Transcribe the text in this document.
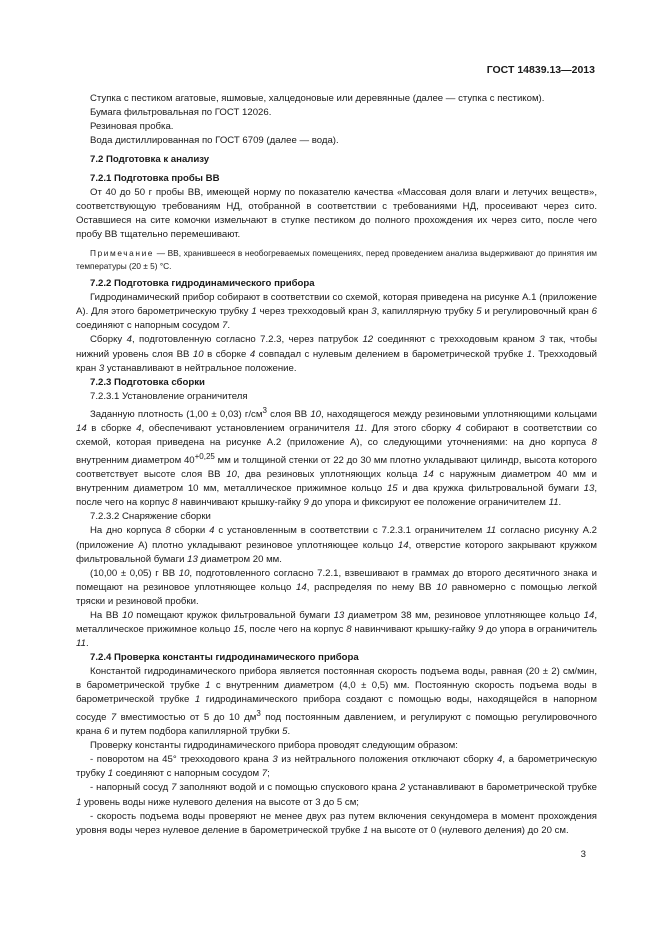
ГОСТ 14839.13—2013

Ступка с пестиком агатовые, яшмовые, халцедоновые или деревянные (далее — ступка с пестиком).

Бумага фильтровальная по ГОСТ 12026.

Резиновая пробка.

Вода дистиллированная по ГОСТ 6709 (далее — вода).

7.2 Подготовка к анализу

7.2.1 Подготовка пробы ВВ

От 40 до 50 г пробы ВВ, имеющей норму по показателю качества «Массовая доля влаги и летучих веществ», соответствующую требованиям НД, отобранной в соответствии с требованиями НД, просеивают через сито. Оставшиеся на сите комочки измельчают в ступке пестиком до полного прохождения их через сито, после чего пробу ВВ тщательно перемешивают.

Примечание — ВВ, хранившееся в необогреваемых помещениях, перед проведением анализа выдерживают до принятия им температуры (20 ± 5) °С.

7.2.2 Подготовка гидродинамического прибора

Гидродинамический прибор собирают в соответствии со схемой, которая приведена на рисунке А.1 (приложение А). Для этого барометрическую трубку 1 через трехходовый кран 3, капиллярную трубку 5 и регулировочный кран 6 соединяют с напорным сосудом 7.

Сборку 4, подготовленную согласно 7.2.3, через патрубок 12 соединяют с трехходовым краном 3 так, чтобы нижний уровень слоя ВВ 10 в сборке 4 совпадал с нулевым делением в барометрической трубке 1. Трехходовый кран 3 устанавливают в нейтральное положение.

7.2.3 Подготовка сборки

7.2.3.1 Установление ограничителя

Заданную плотность (1,00 ± 0,03) $г/см^3$ слоя ВВ 10, находящегося между резиновыми уплотняющими кольцами 14 в сборке 4, обеспечивают установлением ограничителя 11. Для этого сборку 4 собирают в соответствии со схемой, которая приведена на рисунке А.2 (приложение А), со следующими уточнениями: на дно корпуса 8 внутренним диаметром $40^{+0,25}$ мм и толщиной стенки от 22 до 30 мм плотно укладывают цилиндр, высота которого соответствует высоте слоя ВВ 10, два резиновых уплотняющих кольца 14 с наружным диаметром 40 мм и внутренним диаметром 10 мм, металлическое прижимное кольцо 15 и два кружка фильтровальной бумаги 13, после чего на корпус 8 навинчивают крышку-гайку 9 до упора и фиксируют ее положение ограничителем 11.

7.2.3.2 Снаряжение сборки

На дно корпуса 8 сборки 4 с установленным в соответствии с 7.2.3.1 ограничителем 11 согласно рисунку А.2 (приложение А) плотно укладывают резиновое уплотняющее кольцо 14, отверстие которого закрывают кружком фильтровальной бумаги 13 диаметром 20 мм.

(10,00 ± 0,05) г ВВ 10, подготовленного согласно 7.2.1, взвешивают в граммах до второго десятичного знака и помещают на резиновое уплотняющее кольцо 14, распределяя по нему ВВ 10 равномерно с помощью легкой тряски и резиновой пробки.

На ВВ 10 помещают кружок фильтровальной бумаги 13 диаметром 38 мм, резиновое уплотняющее кольцо 14, металлическое прижимное кольцо 15, после чего на корпус 8 навинчивают крышку-гайку 9 до упора в ограничитель 11.

7.2.4 Проверка константы гидродинамического прибора

Константой гидродинамического прибора является постоянная скорость подъема воды, равная (20 ± 2) см/мин, в барометрической трубке 1 с внутренним диаметром (4,0 ± 0,5) мм. Постоянную скорость подъема воды в барометрической трубке 1 гидродинамического прибора создают с помощью воды, находящейся в напорном сосуде 7 вместимостью от 5 до 10 $дм^3$ под постоянным давлением, и регулируют с помощью регулировочного крана 6 и путем подбора капиллярной трубки 5.

Проверку константы гидродинамического прибора проводят следующим образом:

- поворотом на 45° трехходового крана 3 из нейтрального положения отключают сборку 4, а барометрическую трубку 1 соединяют с напорным сосудом 7;

- напорный сосуд 7 заполняют водой и с помощью спускового крана 2 устанавливают в барометрической трубке 1 уровень воды ниже нулевого деления на высоте от 3 до 5 см;

- скорость подъема воды проверяют не менее двух раз путем включения секундомера в момент прохождения уровня воды через нулевое деление в барометрической трубке 1 на высоте от 0 (нулевого деления) до 20 см.

3
